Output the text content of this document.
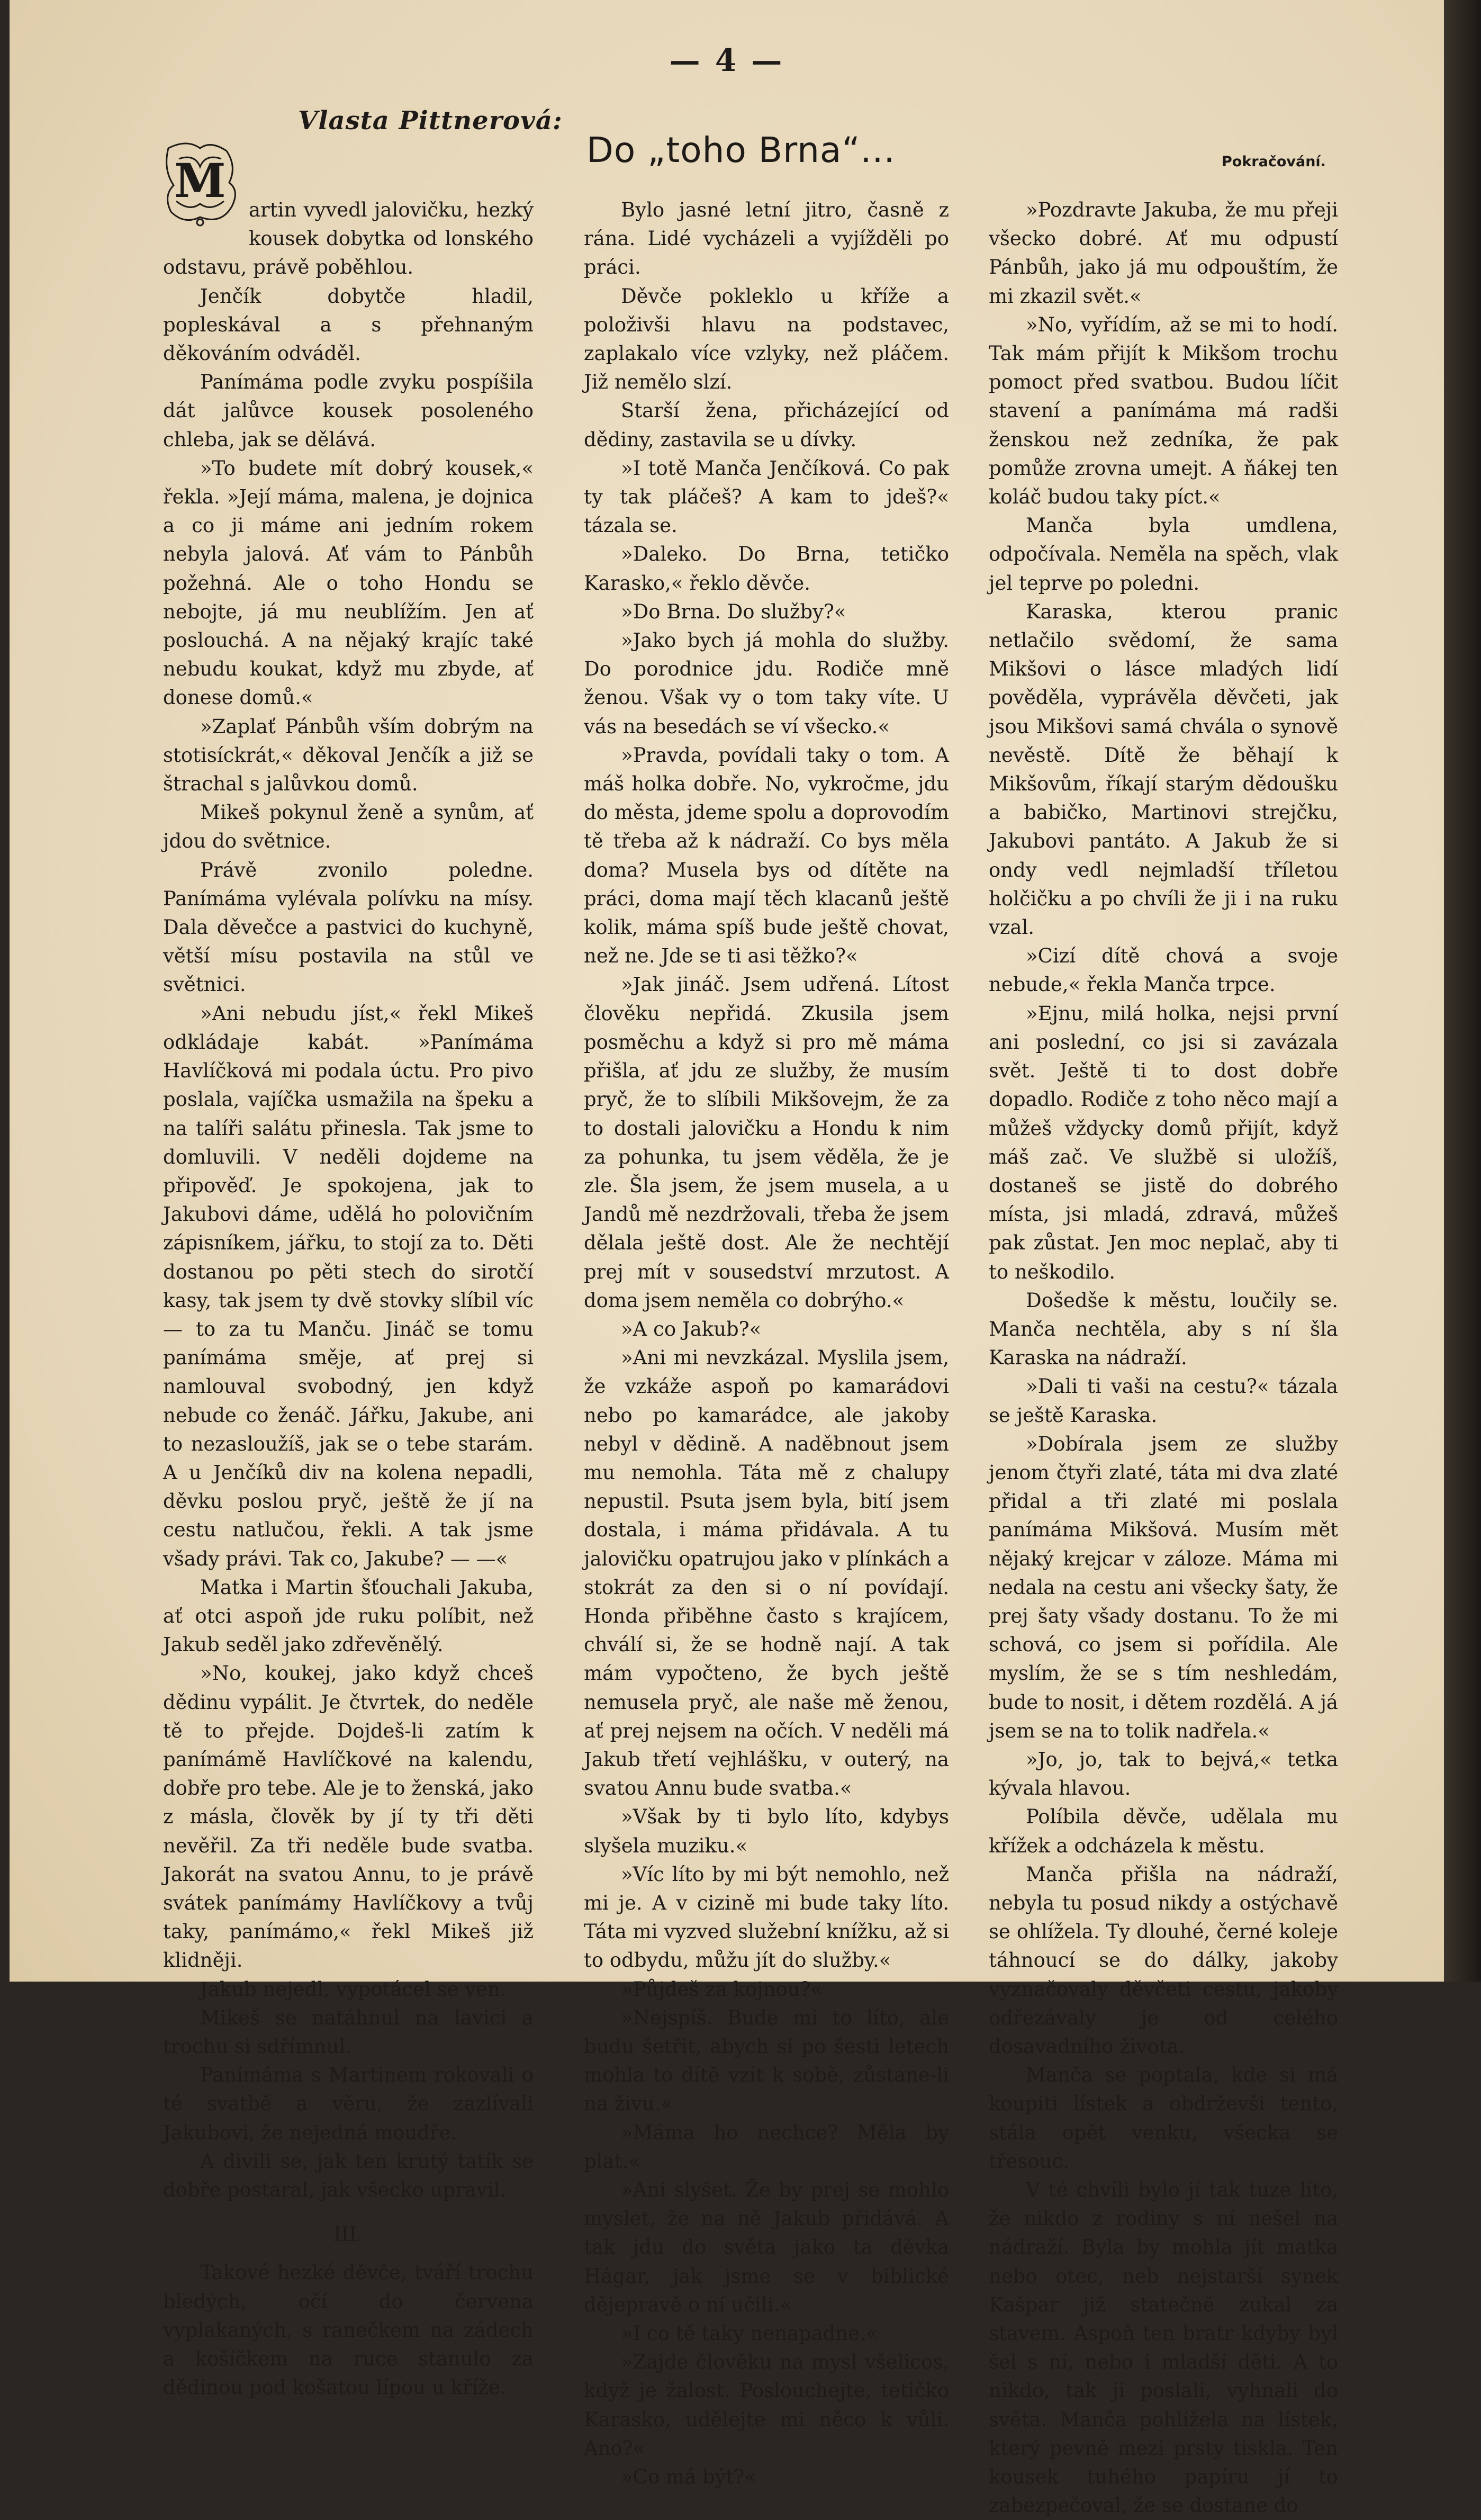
— 4 —
Vlasta Pittnerová:
Do „toho Brna“...	Pokračování.
M

artin vyvedl jalovičku, hezký kousek dobytka od lonského odstavu, právě poběhlou.

Jenčík dobytče hladil, popleskával a s přehnaným děkováním odváděl.

Panímáma podle zvyku pospíšila dát jalůvce kousek posoleného chleba, jak se dělává.

»To budete mít dobrý kousek,« řekla. »Její máma, malena, je dojnica a co ji máme ani jedním rokem nebyla jalová. Ať vám to Pánbůh požehná. Ale o toho Hondu se nebojte, já mu neublížím. Jen ať poslouchá. A na nějaký krajíc také nebudu koukat, když mu zbyde, ať donese domů.«

»Zaplať Pánbůh vším dobrým na stotisíckrát,« děkoval Jenčík a již se štrachal s jalůvkou domů.

Mikeš pokynul ženě a synům, ať jdou do světnice.

Právě zvonilo poledne. Panímáma vylévala polívku na mísy. Dala děvečce a pastvici do kuchyně, větší mísu postavila na stůl ve světnici.

»Ani nebudu jíst,« řekl Mikeš odkládaje kabát. »Panímáma Havlíčková mi podala úctu. Pro pivo poslala, vajíčka usmažila na špeku a na talíři salátu přinesla. Tak jsme to domluvili. V neděli dojdeme na připověď. Je spokojena, jak to Jakubovi dáme, udělá ho polovičním zápisníkem, jářku, to stojí za to. Děti dostanou po pěti stech do sirotčí kasy, tak jsem ty dvě stovky slíbil víc — to za tu Manču. Jináč se tomu panímáma směje, ať prej si namlouval svobodný, jen když nebude co ženáč. Jářku, Jakube, ani to nezasloužíš, jak se o tebe starám. A u Jenčíků div na kolena nepadli, děvku poslou pryč, ještě že jí na cestu natlučou, řekli. A tak jsme všady právi. Tak co, Jakube? — —«

Matka i Martin šťouchali Jakuba, ať otci aspoň jde ruku políbit, než Jakub seděl jako zdřevěnělý.

»No, koukej, jako když chceš dědinu vypálit. Je čtvrtek, do neděle tě to přejde. Dojdeš-li zatím k panímámě Havlíčkové na kalendu, dobře pro tebe. Ale je to ženská, jako z másla, člověk by jí ty tři děti nevěřil. Za tři neděle bude svatba. Jakorát na svatou Annu, to je právě svátek panímámy Havlíčkovy a tvůj taky, panímámo,« řekl Mikeš již klidněji.

Jakub nejedl, vypotácel se ven.

Mikeš se natáhnul na lavici a trochu si sdřímnul.

Panímáma s Martinem rokovali o té svatbě a věru, že zazlívali Jakubovi, že nejedná moudře.

A divili se, jak ten krutý tatík se dobře postaral, jak všecko upravil.

III.

Takové hezké děvče, tváří trochu bledých, očí do červena vyplakaných, s ranečkem na zádech a košíčkem na ruce stanulo za dědinou pod košatou lípou u kříže.

Bylo jasné letní jitro, časně z rána. Lidé vycházeli a vyjížděli po práci.

Děvče pokleklo u kříže a položivši hlavu na podstavec, zaplakalo více vzlyky, než pláčem. Již nemělo slzí.

Starší žena, přicházející od dědiny, zastavila se u dívky.

»I totě Manča Jenčíková. Co pak ty tak pláčeš? A kam to jdeš?« tázala se.

»Daleko. Do Brna, tetičko Karasko,« řeklo děvče.

»Do Brna. Do služby?«

»Jako bych já mohla do služby. Do porodnice jdu. Rodiče mně ženou. Však vy o tom taky víte. U vás na besedách se ví všecko.«

»Pravda, povídali taky o tom. A máš holka dobře. No, vykročme, jdu do města, jdeme spolu a doprovodím tě třeba až k nádraží. Co bys měla doma? Musela bys od dítěte na práci, doma mají těch klacanů ještě kolik, máma spíš bude ještě chovat, než ne. Jde se ti asi těžko?«

»Jak jináč. Jsem udřená. Lítost člověku nepřidá. Zkusila jsem posměchu a když si pro mě máma přišla, ať jdu ze služby, že musím pryč, že to slíbili Mikšovejm, že za to dostali jalovičku a Hondu k nim za pohunka, tu jsem věděla, že je zle. Šla jsem, že jsem musela, a u Jandů mě nezdržovali, třeba že jsem dělala ještě dost. Ale že nechtějí prej mít v sousedství mrzutost. A doma jsem neměla co dobrýho.«

»A co Jakub?«

»Ani mi nevzkázal. Myslila jsem, že vzkáže aspoň po kamarádovi nebo po kamarádce, ale jakoby nebyl v dědině. A naděbnout jsem mu nemohla. Táta mě z chalupy nepustil. Psuta jsem byla, bití jsem dostala, i máma přidávala. A tu jalovičku opatrujou jako v plínkách a stokrát za den si o ní povídají. Honda přiběhne často s krajícem, chválí si, že se hodně nají. A tak mám vypočteno, že bych ještě nemusela pryč, ale naše mě ženou, ať prej nejsem na očích. V neděli má Jakub třetí vejhlášku, v outerý, na svatou Annu bude svatba.«

»Však by ti bylo líto, kdybys slyšela muziku.«

»Víc líto by mi být nemohlo, než mi je. A v cizině mi bude taky líto. Táta mi vyzved služební knížku, až si to odbydu, můžu jít do služby.«

»Půjdeš za kojnou?«

»Nejspíš. Bude mi to líto, ale budu šetřit, abych si po šesti letech mohla to dítě vzít k sobě, zůstane-li na živu.«

»Máma ho nechce? Měla by plat.«

»Ani slyšet. Že by prej se mohlo myslet, že na ně Jakub přidává. A tak jdu do světa jako ta děvka Hágar, jak jsme se v biblické dějepravě o ní učili.«

»I co tě taky nenapadne.«

»Zajde člověku na mysl všelicos, když je žalost. Poslouchejte, tetičko Karasko, udělejte mi něco k vůli. Ano?«

»Co má být?«

»Pozdravte Jakuba, že mu přeji všecko dobré. Ať mu odpustí Pánbůh, jako já mu odpouštím, že mi zkazil svět.«

»No, vyřídím, až se mi to hodí. Tak mám přijít k Mikšom trochu pomoct před svatbou. Budou líčit stavení a panímáma má radši ženskou než zedníka, že pak pomůže zrovna umejt. A ňákej ten koláč budou taky píct.«

Manča byla umdlena, odpočívala. Neměla na spěch, vlak jel teprve po poledni.

Karaska, kterou pranic netlačilo svědomí, že sama Mikšovi o lásce mladých lidí pověděla, vyprávěla děvčeti, jak jsou Mikšovi samá chvála o synově nevěstě. Dítě že běhají k Mikšovům, říkají starým dědoušku a babičko, Martinovi strejčku, Jakubovi pantáto. A Jakub že si ondy vedl nejmladší tříletou holčičku a po chvíli že ji i na ruku vzal.

»Cizí dítě chová a svoje nebude,« řekla Manča trpce.

»Ejnu, milá holka, nejsi první ani poslední, co jsi si zavázala svět. Ještě ti to dost dobře dopadlo. Rodiče z toho něco mají a můžeš vždycky domů přijít, když máš zač. Ve službě si uložíš, dostaneš se jistě do dobrého místa, jsi mladá, zdravá, můžeš pak zůstat. Jen moc neplač, aby ti to neškodilo.

Došedše k městu, loučily se. Manča nechtěla, aby s ní šla Karaska na nádraží.

»Dali ti vaši na cestu?« tázala se ještě Karaska.

»Dobírala jsem ze služby jenom čtyři zlaté, táta mi dva zlaté přidal a tři zlaté mi poslala panímáma Mikšová. Musím mět nějaký krejcar v záloze. Máma mi nedala na cestu ani všecky šaty, že prej šaty všady dostanu. To že mi schová, co jsem si pořídila. Ale myslím, že se s tím neshledám, bude to nosit, i dětem rozdělá. A já jsem se na to tolik nadřela.«

»Jo, jo, tak to bejvá,« tetka kývala hlavou.

Políbila děvče, udělala mu křížek a odcházela k městu.

Manča přišla na nádraží, nebyla tu posud nikdy a ostýchavě se ohlížela. Ty dlouhé, černé koleje táhnoucí se do dálky, jakoby vyznačovaly děvčeti cestu, jakoby odřezávaly je od celého dosavadního života.

Manča se poptala, kde si má koupiti lístek a obdrževši tento, stála opět venku, všecka se třesouc.

V té chvíli bylo jí tak tuze líto, že nikdo z rodiny s ní nešel na nádraží. Byla by mohla jít matka nebo otec, neb nejstarší synek Kašpar již statečně zukal za stavem. Aspoň ten bratr kdyby byl šel s ní, nebo i mladší děti. A to nikdo, tak ji poslali, vyhnali do světa. Manča pohlížela na lístek, který pevně mezi prsty tiskla. Ten kousek tuhého papíru jí to zabezpečoval, že se dostane do
